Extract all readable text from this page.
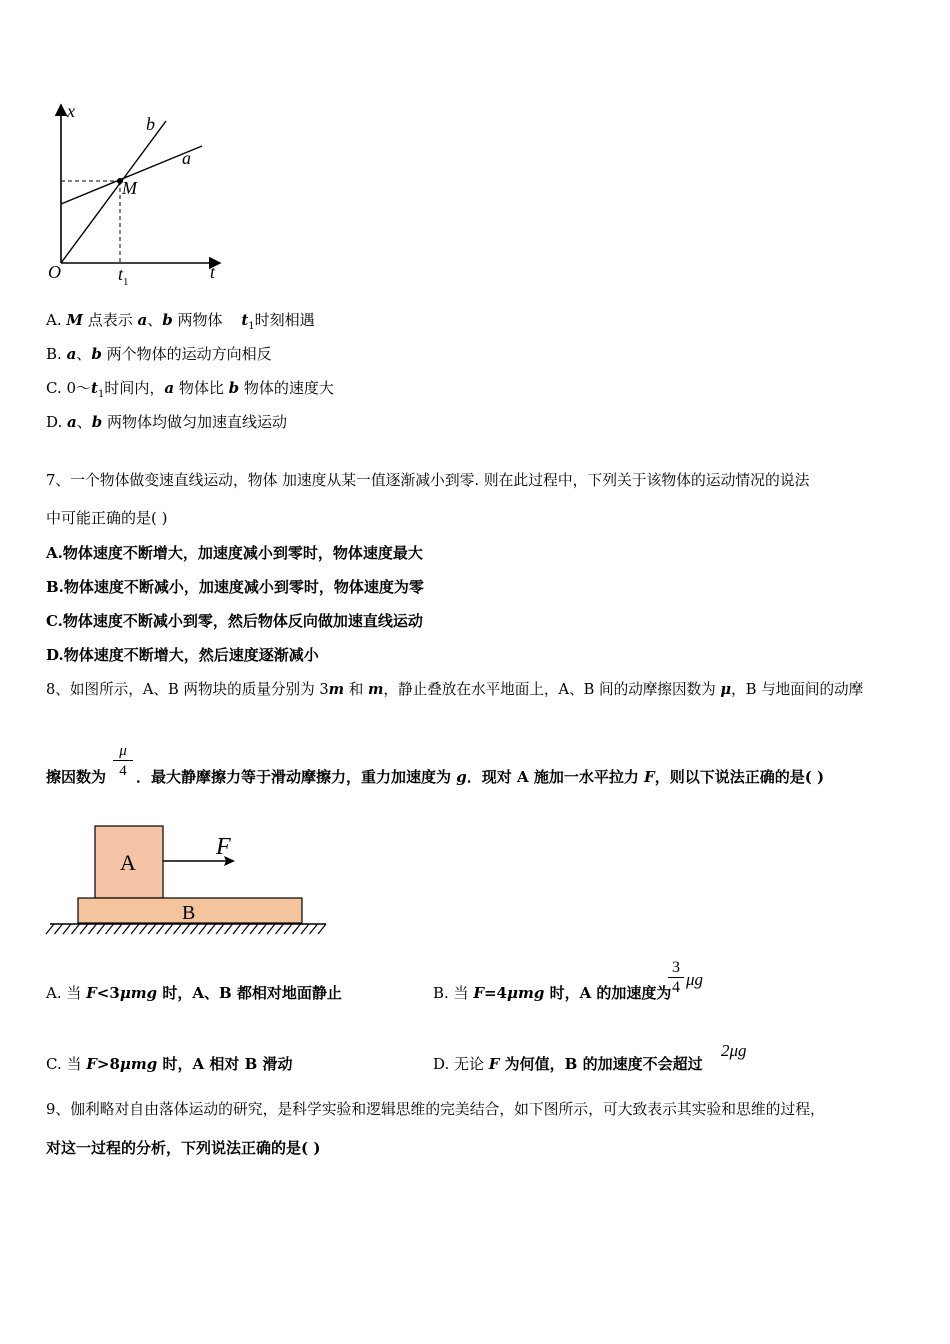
x
t
O
M
b
a
$t_1$
A. M 点表示 a、b 两物体 $t_1$时刻相遇
B. a、b 两个物体的运动方向相反
C. $0\sim t_1$时间内，a 物体比 b 物体的速度大
D. a、b 两物体均做匀加速直线运动
7、一个物体做变速直线运动，物体 加速度从某一值逐渐减小到零. 则在此过程中，下列关于该物体的运动情况的说法
中可能正确的是( )
A.物体速度不断增大，加速度减小到零时，物体速度最大
B.物体速度不断减小，加速度减小到零时，物体速度为零
C.物体速度不断减小到零，然后物体反向做加速直线运动
D.物体速度不断增大，然后速度逐渐减小
8、如图所示，A、B 两物块的质量分别为 3m 和 m，静止叠放在水平地面上，A、B 间的动摩擦因数为 μ，B 与地面间的动摩
擦因数为 $\frac{\mu}{4}$ ．最大静摩擦力等于滑动摩擦力，重力加速度为 g．现对 A 施加一水平拉力 F，则以下说法正确的是( )
A
B
F
A. 当 F<3μmg 时，A、B 都相对地面静止	B. 当 F=4μmg 时，A 的加速度为
$\frac{3}{4}$ μg
C. 当 F>8μmg 时，A 相对 B 滑动	D. 无论 F 为何值，B 的加速度不会超过
2μg
9、伽利略对自由落体运动的研究，是科学实验和逻辑思维的完美结合，如下图所示，可大致表示其实验和思维的过程，
对这一过程的分析，下列说法正确的是( )
